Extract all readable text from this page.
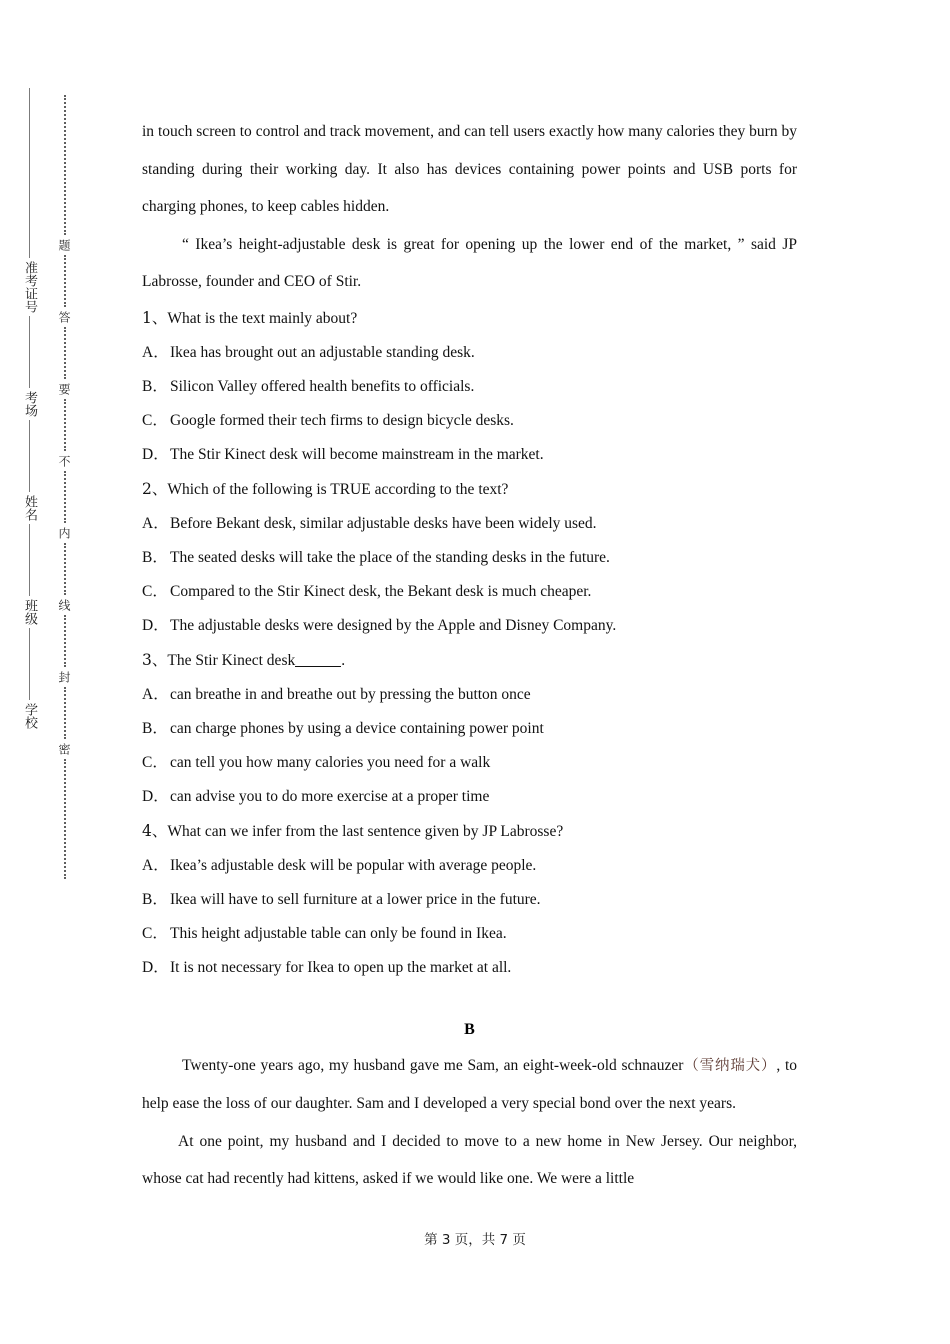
准考证号
考场
姓名
班级
学校
题
答
要
不
内
线
封
密

in touch screen to control and track movement, and can tell users exactly how many calories they burn by standing during their working day. It also has devices containing power points and USB ports for charging phones, to keep cables hidden.

“ Ikea’s height-adjustable desk is great for opening up the lower end of the market, ” said JP Labrosse, founder and CEO of Stir.

1、What is the text mainly about?

A．Ikea has brought out an adjustable standing desk.

B． Silicon Valley offered health benefits to officials.

C． Google formed their tech firms to design bicycle desks.

D．The Stir Kinect desk will become mainstream in the market.

2、Which of the following is TRUE according to the text?

A．Before Bekant desk, similar adjustable desks have been widely used.

B． The seated desks will take the place of the standing desks in the future.

C． Compared to the Stir Kinect desk, the Bekant desk is much cheaper.

D．The adjustable desks were designed by the Apple and Disney Company.

3、The Stir Kinect desk	.

A．can breathe in and breathe out by pressing the button once

B． can charge phones by using a device containing power point

C． can tell you how many calories you need for a walk

D．can advise you to do more exercise at a proper time

4、What can we infer from the last sentence given by JP Labrosse?

A．Ikea’s adjustable desk will be popular with average people.

B． Ikea will have to sell furniture at a lower price in the future.

C． This height adjustable table can only be found in Ikea.

D．It is not necessary for Ikea to open up the market at all.

B

Twenty-one years ago, my husband gave me Sam, an eight-week-old schnauzer（雪纳瑞犬）, to help ease the loss of our daughter. Sam and I developed a very special bond over the next years.

At one point, my husband and I decided to move to a new home in New Jersey. Our neighbor, whose cat had recently had kittens, asked if we would like one. We were a little

第 3 页，共 7 页
